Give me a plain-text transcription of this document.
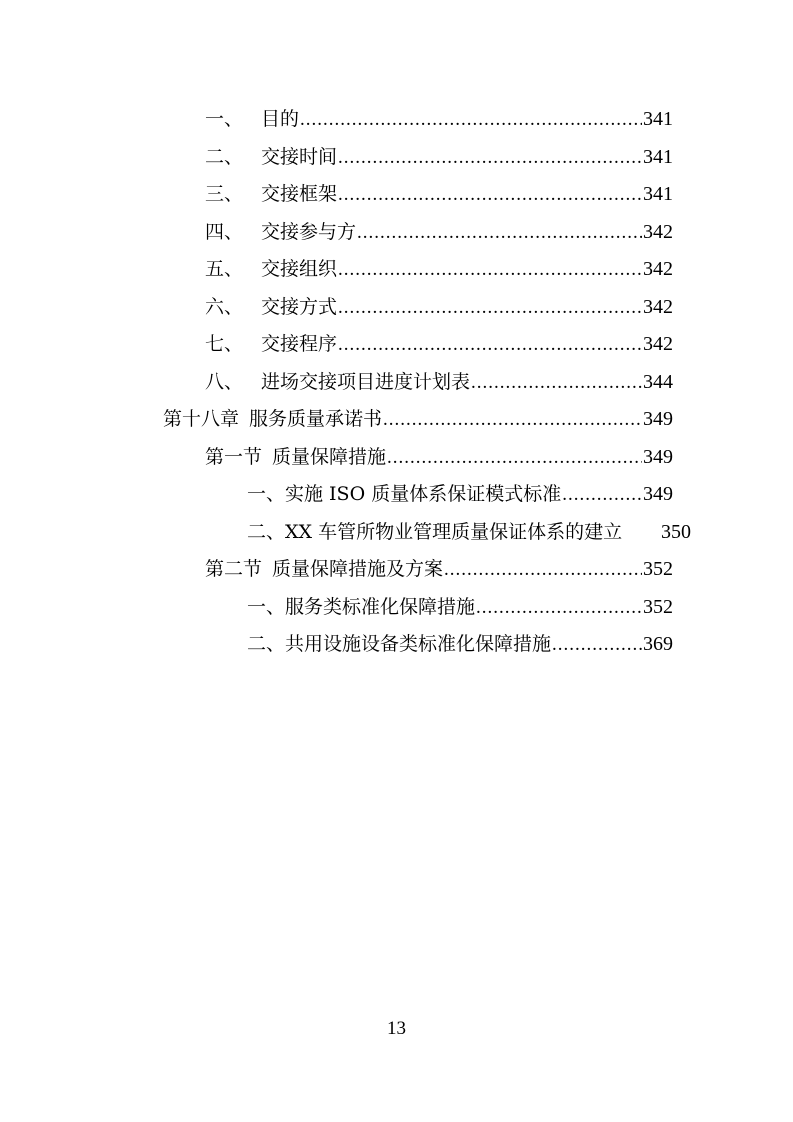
一、 目的 .....	341
二、 交接时间 .....	341
三、 交接框架 .....	341
四、 交接参与方 .....	342
五、 交接组织 .....	342
六、 交接方式 .....	342
七、 交接程序 .....	342
八、 进场交接项目进度计划表 .....	344
第十八章 服务质量承诺书 .....	349
第一节 质量保障措施 .....	349
一、 实施 ISO 质量体系保证模式标准 .....	349
二、 XX 车管所物业管理质量保证体系的建立 350
第二节 质量保障措施及方案 .....	352
一、 服务类标准化保障措施 .....	352
二、 共用设施设备类标准化保障措施 .....	369
13
